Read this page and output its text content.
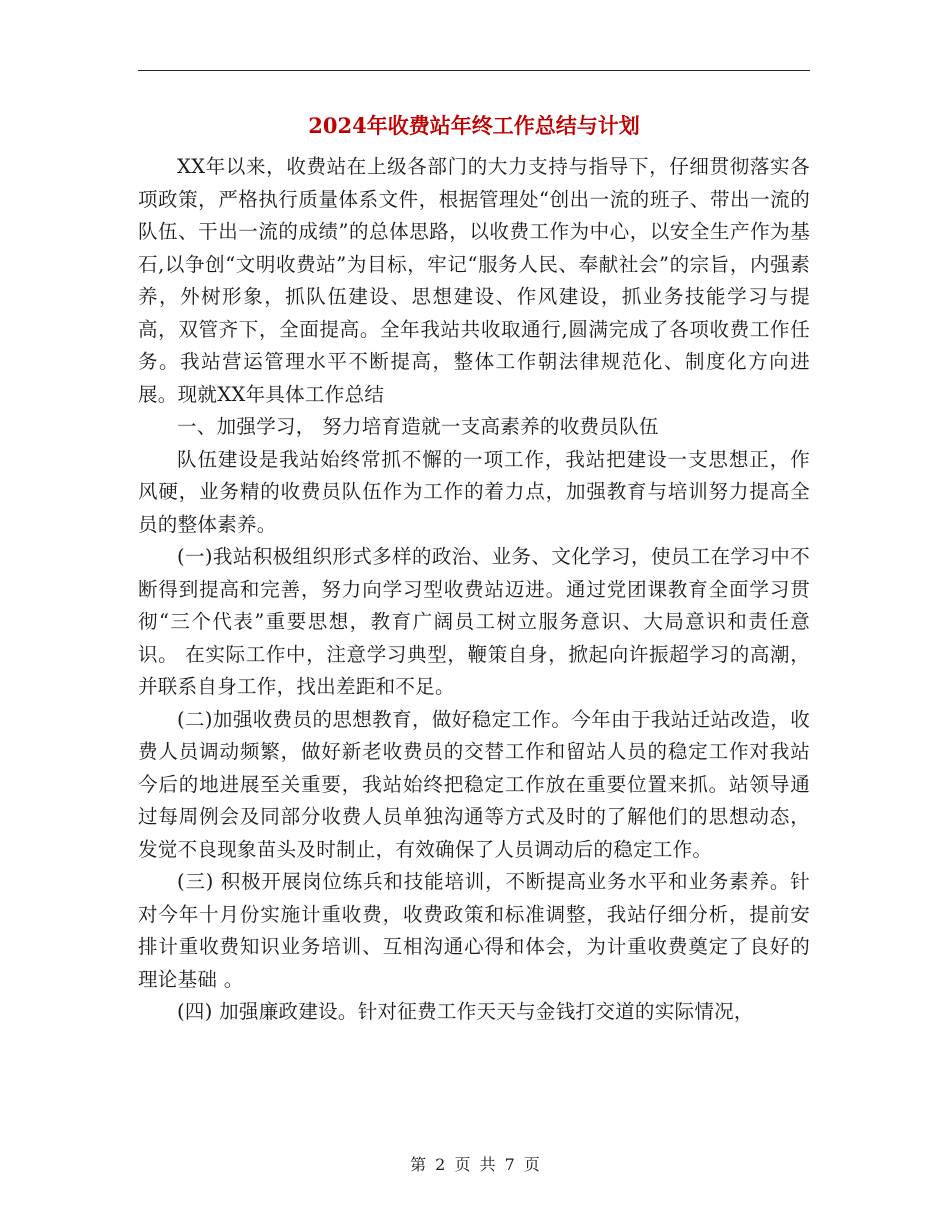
2024年收费站年终工作总结与计划

XX年以来，收费站在上级各部门的大力支持与指导下，仔细贯彻落实各项政策，严格执行质量体系文件，根据管理处“创出一流的班子、带出一流的队伍、干出一流的成绩”的总体思路，以收费工作为中心，以安全生产作为基石,以争创“文明收费站”为目标，牢记“服务人民、奉献社会”的宗旨，内强素养，外树形象，抓队伍建设、思想建设、作风建设，抓业务技能学习与提高，双管齐下，全面提高。全年我站共收取通行,圆满完成了各项收费工作任务。我站营运管理水平不断提高，整体工作朝法律规范化、制度化方向进展。现就XX年具体工作总结

一、加强学习， 努力培育造就一支高素养的收费员队伍

队伍建设是我站始终常抓不懈的一项工作，我站把建设一支思想正，作风硬，业务精的收费员队伍作为工作的着力点，加强教育与培训努力提高全员的整体素养。

(一)我站积极组织形式多样的政治、业务、文化学习，使员工在学习中不断得到提高和完善，努力向学习型收费站迈进。通过党团课教育全面学习贯彻“三个代表”重要思想，教育广阔员工树立服务意识、大局意识和责任意识。 在实际工作中，注意学习典型，鞭策自身，掀起向许振超学习的高潮，并联系自身工作，找出差距和不足。

(二)加强收费员的思想教育，做好稳定工作。今年由于我站迁站改造，收费人员调动频繁，做好新老收费员的交替工作和留站人员的稳定工作对我站今后的地进展至关重要，我站始终把稳定工作放在重要位置来抓。站领导通过每周例会及同部分收费人员单独沟通等方式及时的了解他们的思想动态，发觉不良现象苗头及时制止，有效确保了人员调动后的稳定工作。

(三) 积极开展岗位练兵和技能培训，不断提高业务水平和业务素养。针对今年十月份实施计重收费，收费政策和标准调整，我站仔细分析，提前安排计重收费知识业务培训、互相沟通心得和体会，为计重收费奠定了良好的理论基础 。

(四) 加强廉政建设。针对征费工作天天与金钱打交道的实际情况，

第 2 页 共 7 页
